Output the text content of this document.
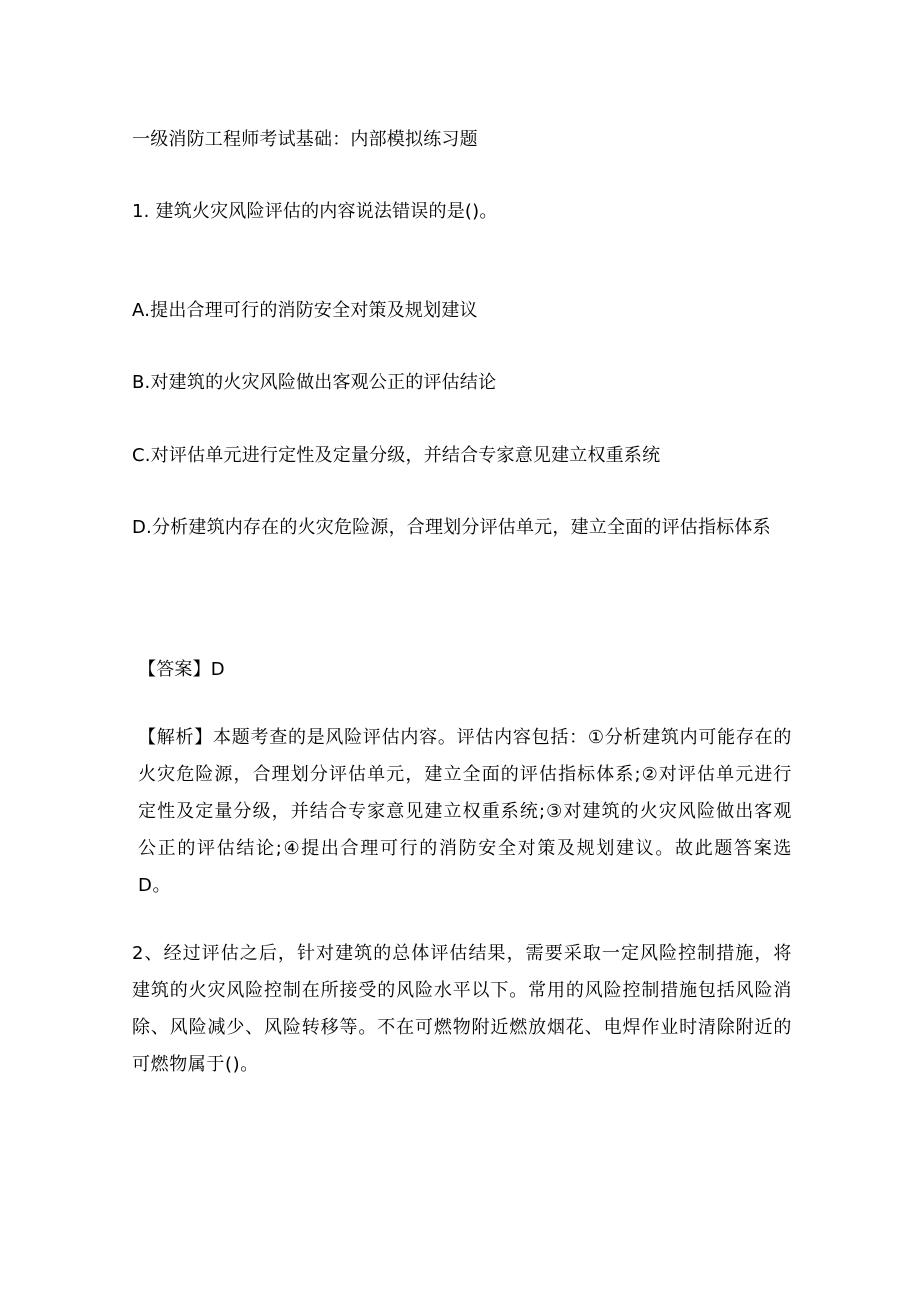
一级消防工程师考试基础：内部模拟练习题
1. 建筑火灾风险评估的内容说法错误的是()。
A.提出合理可行的消防安全对策及规划建议
B.对建筑的火灾风险做出客观公正的评估结论
C.对评估单元进行定性及定量分级，并结合专家意见建立权重系统
D.分析建筑内存在的火灾危险源，合理划分评估单元，建立全面的评估指标体系
【答案】D
【解析】本题考查的是风险评估内容。评估内容包括：①分析建筑内可能存在的火灾危险源，合理划分评估单元，建立全面的评估指标体系;②对评估单元进行定性及定量分级，并结合专家意见建立权重系统;③对建筑的火灾风险做出客观公正的评估结论;④提出合理可行的消防安全对策及规划建议。故此题答案选 D。
2、经过评估之后，针对建筑的总体评估结果，需要采取一定风险控制措施，将建筑的火灾风险控制在所接受的风险水平以下。常用的风险控制措施包括风险消除、风险减少、风险转移等。不在可燃物附近燃放烟花、电焊作业时清除附近的可燃物属于()。
